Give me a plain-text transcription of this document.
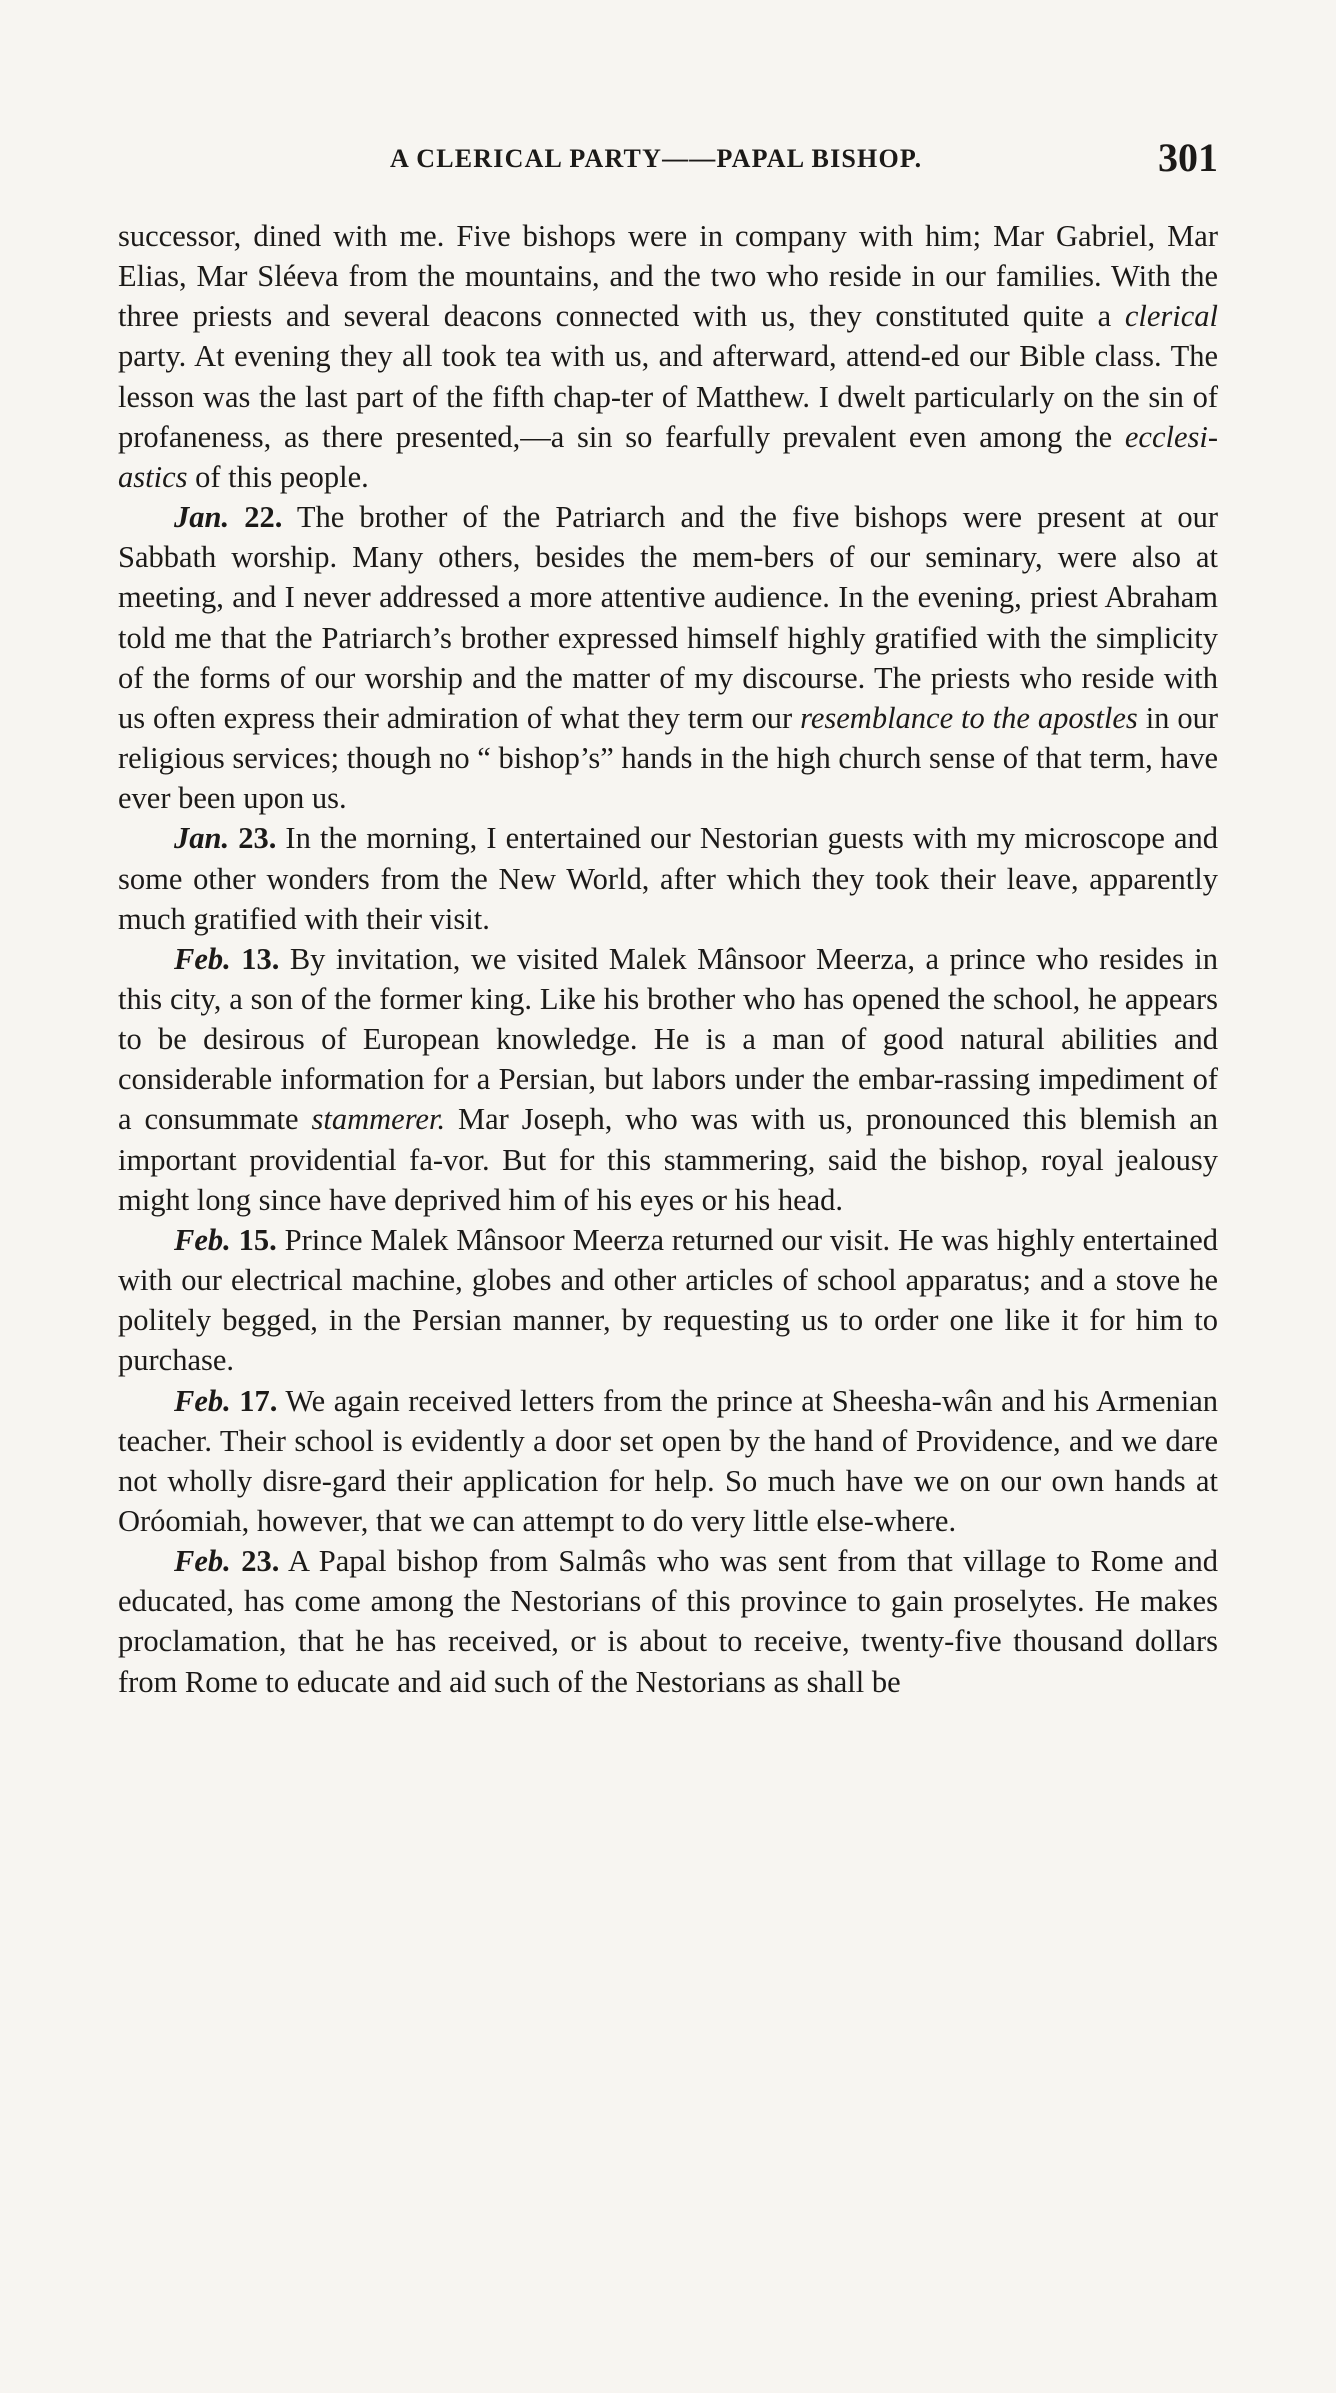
A CLERICAL PARTY——PAPAL BISHOP.	301

successor, dined with me. Five bishops were in company with him; Mar Gabriel, Mar Elias, Mar Sléeva from the mountains, and the two who reside in our families. With the three priests and several deacons connected with us, they constituted quite a clerical party. At evening they all took tea with us, and afterward, attend-ed our Bible class. The lesson was the last part of the fifth chap-ter of Matthew. I dwelt particularly on the sin of profaneness, as there presented,—a sin so fearfully prevalent even among the ecclesi-astics of this people.

Jan. 22. The brother of the Patriarch and the five bishops were present at our Sabbath worship. Many others, besides the mem-bers of our seminary, were also at meeting, and I never addressed a more attentive audience. In the evening, priest Abraham told me that the Patriarch’s brother expressed himself highly gratified with the simplicity of the forms of our worship and the matter of my discourse. The priests who reside with us often express their admiration of what they term our resemblance to the apostles in our religious services; though no “ bishop’s” hands in the high church sense of that term, have ever been upon us.

Jan. 23. In the morning, I entertained our Nestorian guests with my microscope and some other wonders from the New World, after which they took their leave, apparently much gratified with their visit.

Feb. 13. By invitation, we visited Malek Mânsoor Meerza, a prince who resides in this city, a son of the former king. Like his brother who has opened the school, he appears to be desirous of European knowledge. He is a man of good natural abilities and considerable information for a Persian, but labors under the embar-rassing impediment of a consummate stammerer. Mar Joseph, who was with us, pronounced this blemish an important providential fa-vor. But for this stammering, said the bishop, royal jealousy might long since have deprived him of his eyes or his head.

Feb. 15. Prince Malek Mânsoor Meerza returned our visit. He was highly entertained with our electrical machine, globes and other articles of school apparatus; and a stove he politely begged, in the Persian manner, by requesting us to order one like it for him to purchase.

Feb. 17. We again received letters from the prince at Sheesha-wân and his Armenian teacher. Their school is evidently a door set open by the hand of Providence, and we dare not wholly disre-gard their application for help. So much have we on our own hands at Oróomiah, however, that we can attempt to do very little else-where.

Feb. 23. A Papal bishop from Salmâs who was sent from that village to Rome and educated, has come among the Nestorians of this province to gain proselytes. He makes proclamation, that he has received, or is about to receive, twenty-five thousand dollars from Rome to educate and aid such of the Nestorians as shall be
